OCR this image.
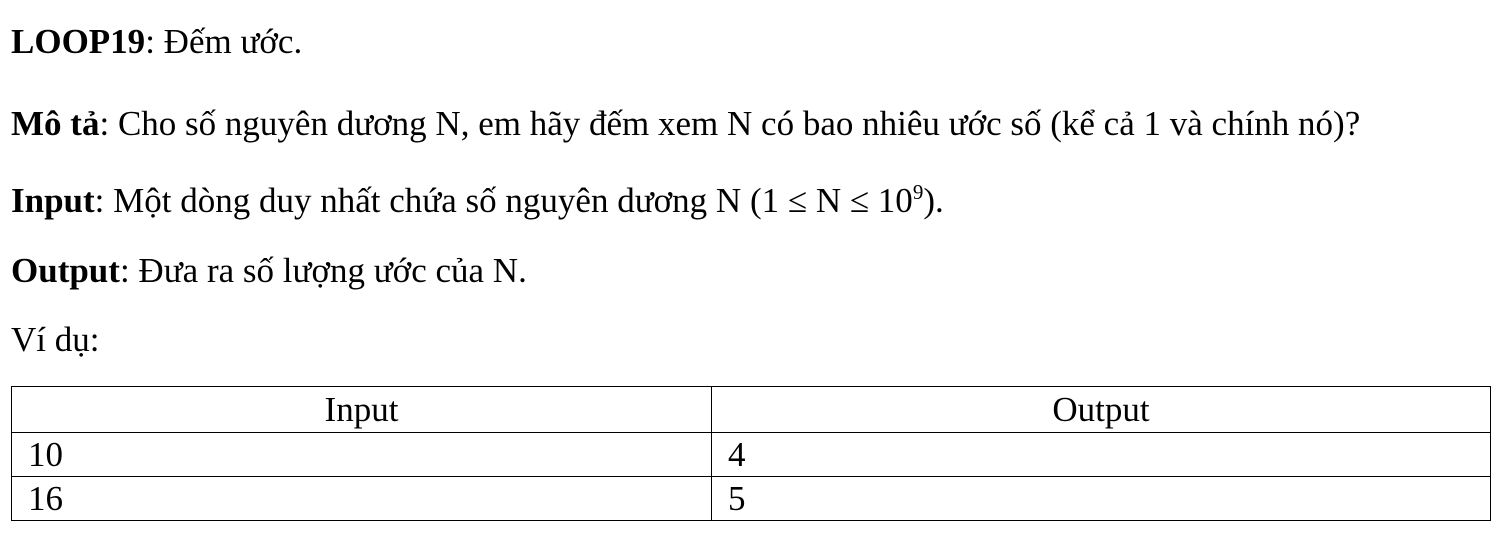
LOOP19: Đếm ước.
Mô tả: Cho số nguyên dương N, em hãy đếm xem N có bao nhiêu ước số (kể cả 1 và chính nó)?
Input: Một dòng duy nhất chứa số nguyên dương N $(1 \le N \le 10^9)$.
Output: Đưa ra số lượng ước của N.
Ví dụ:
Input	Output
10	4
16	5
